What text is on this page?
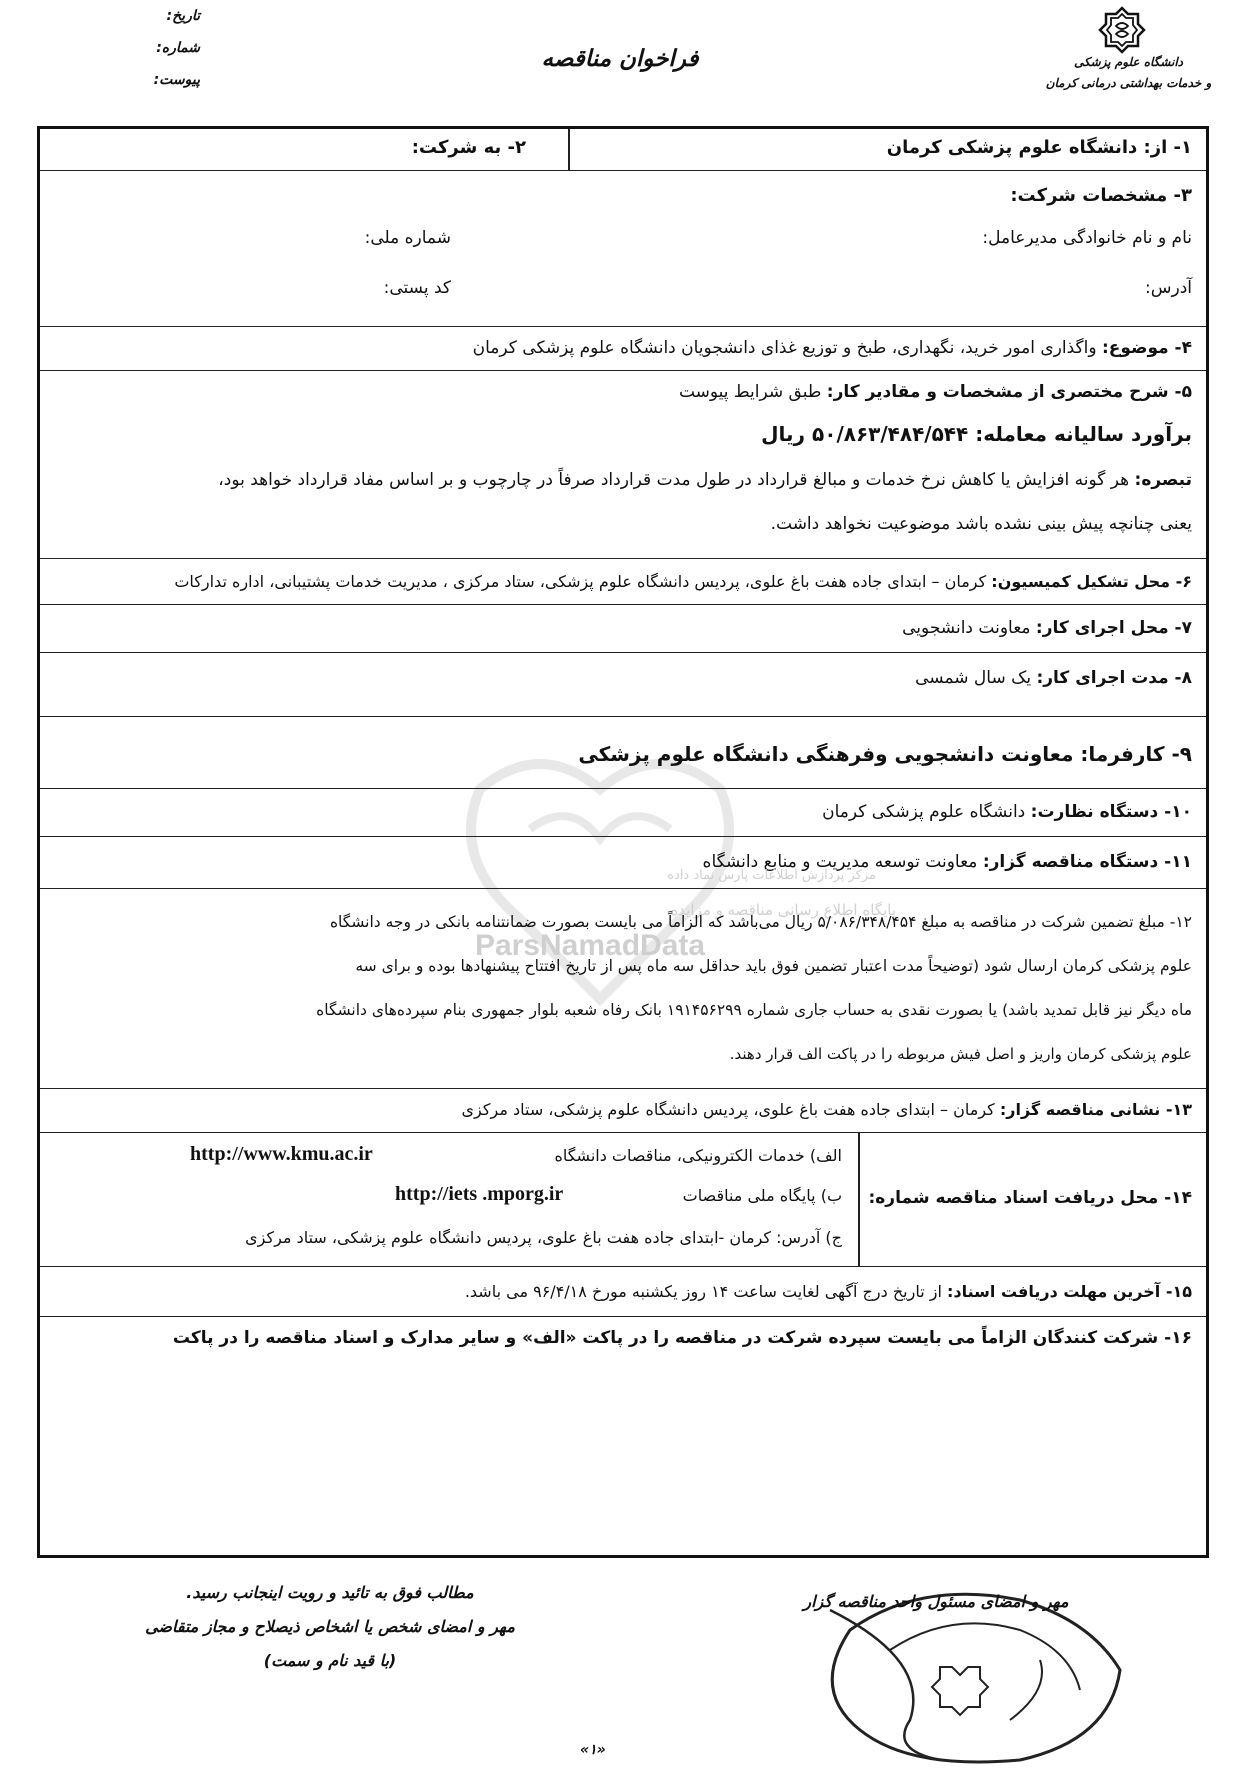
دانشگاه علوم پزشکی
و خدمات بهداشتی درمانی کرمان
فراخوان مناقصه
تاریخ:
شماره:
پیوست:
ParsNamadData
۱- از: دانشگاه علوم پزشکی کرمان
۲- به شرکت:
۳- مشخصات شرکت:
نام و نام خانوادگی مدیرعامل:
شماره ملی:
آدرس:
کد پستی:
۴- موضوع: واگذاری امور خرید، نگهداری، طبخ و توزیع غذای دانشجویان دانشگاه علوم پزشکی کرمان
۵- شرح مختصری از مشخصات و مقادیر کار: طبق شرایط پیوست
برآورد سالیانه معامله: ۵۰/۸۶۳/۴۸۴/۵۴۴ ریال
تبصره: هر گونه افزایش یا کاهش نرخ خدمات و مبالغ قرارداد در طول مدت قرارداد صرفاً در چارچوب و بر اساس مفاد قرارداد خواهد بود،
یعنی چنانچه پیش بینی نشده باشد موضوعیت نخواهد داشت.
۶- محل تشکیل کمیسیون: کرمان – ابتدای جاده هفت باغ علوی، پردیس دانشگاه علوم پزشکی، ستاد مرکزی ، مدیریت خدمات پشتیبانی، اداره تدارکات
۷- محل اجرای کار: معاونت دانشجویی
۸- مدت اجرای کار: یک سال شمسی
۹- کارفرما: معاونت دانشجویی وفرهنگی دانشگاه علوم پزشکی
۱۰- دستگاه نظارت: دانشگاه علوم پزشکی کرمان
۱۱- دستگاه مناقصه گزار: معاونت توسعه مدیریت و منابع دانشگاه
مرکز پردازش اطلاعات پارس نماد داده
پایگاه اطلاع رسانی مناقصه و مزایده
۱۲- مبلغ تضمین شرکت در مناقصه به مبلغ ۵/۰۸۶/۳۴۸/۴۵۴ ریال می‌باشد که الزاماً می بایست بصورت ضمانتنامه بانکی در وجه دانشگاه
علوم پزشکی کرمان ارسال شود (توضیحاً مدت اعتبار تضمین فوق باید حداقل سه ماه پس از تاریخ افتتاح پیشنهادها بوده و برای سه
ماه دیگر نیز قابل تمدید باشد) یا بصورت نقدی به حساب جاری شماره ۱۹۱۴۵۶۲۹۹ بانک رفاه شعبه بلوار جمهوری بنام سپرده‌های دانشگاه
علوم پزشکی کرمان واریز و اصل فیش مربوطه را در پاکت الف قرار دهند.
۱۳- نشانی مناقصه گزار: کرمان – ابتدای جاده هفت باغ علوی، پردیس دانشگاه علوم پزشکی، ستاد مرکزی
۱۴- محل دریافت اسناد مناقصه شماره:
الف) خدمات الکترونیکی، مناقصات دانشگاه
http://www.kmu.ac.ir
ب) پایگاه ملی مناقصات
http://iets .mporg.ir
ج) آدرس: کرمان -ابتدای جاده هفت باغ علوی، پردیس دانشگاه علوم پزشکی، ستاد مرکزی
۱۵- آخرین مهلت دریافت اسناد: از تاریخ درج آگهی لغایت ساعت ۱۴ روز یکشنبه مورخ ۹۶/۴/۱۸ می باشد.
۱۶- شرکت کنندگان الزاماً می بایست سپرده شرکت در مناقصه را در پاکت «الف» و سایر مدارک و اسناد مناقصه را در پاکت
مطالب فوق به تائید و رویت اینجانب رسید.
مهر و امضای شخص یا اشخاص ذیصلاح و مجاز متقاضی
(با قید نام و سمت)
مهر و امضای مسئول واحد مناقصه گزار
«۱»
